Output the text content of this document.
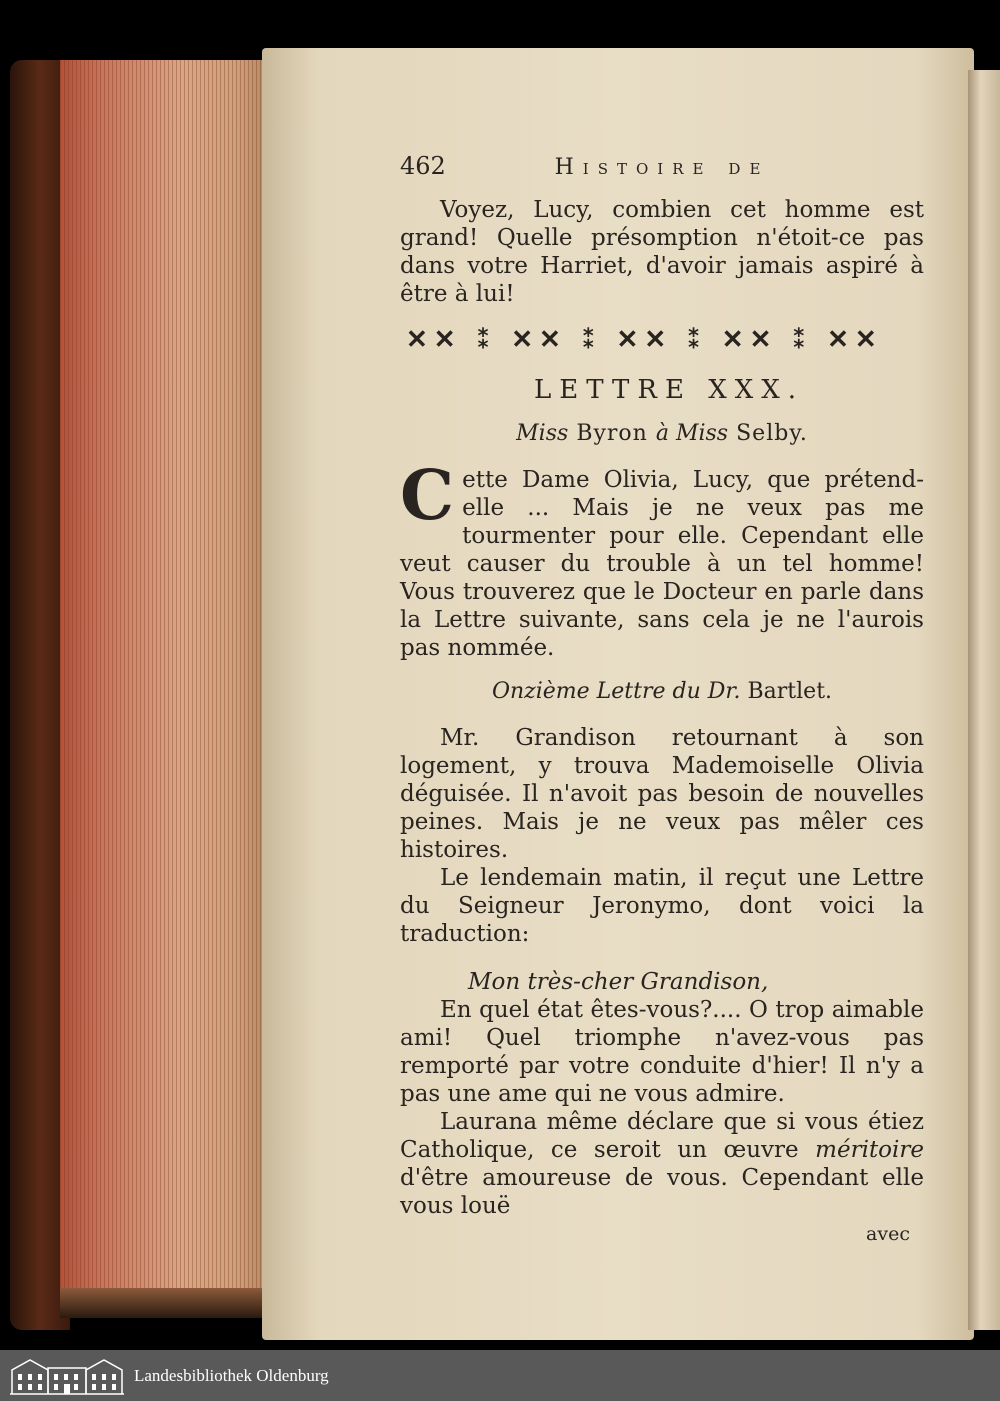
462	Histoire de

Voyez, Lucy, combien cet homme est grand! Quelle présomption n'étoit-ce pas dans votre Harriet, d'avoir jamais aspiré à être à lui!

✕✕ ⁑ ✕✕ ⁑ ✕✕ ⁑ ✕✕ ⁑ ✕✕
LETTRE XXX.
Miss Byron à Miss Selby.

Cette Dame Olivia, Lucy, que prétend-elle ... Mais je ne veux pas me tourmenter pour elle. Cependant elle veut causer du trouble à un tel homme! Vous trouverez que le Docteur en parle dans la Lettre suivante, sans cela je ne l'aurois pas nommée.

Onzième Lettre du Dr. Bartlet.

Mr. Grandison retournant à son logement, y trouva Mademoiselle Olivia déguisée. Il n'avoit pas besoin de nouvelles peines. Mais je ne veux pas mêler ces histoires.

Le lendemain matin, il reçut une Lettre du Seigneur Jeronymo, dont voici la traduction:

Mon très-cher Grandison,

En quel état êtes-vous?.... O trop aimable ami! Quel triomphe n'avez-vous pas remporté par votre conduite d'hier! Il n'y a pas une ame qui ne vous admire.

Laurana même déclare que si vous étiez Catholique, ce seroit un œuvre méritoire d'être amoureuse de vous. Cependant elle vous louë

avec
Landesbibliothek Oldenburg
